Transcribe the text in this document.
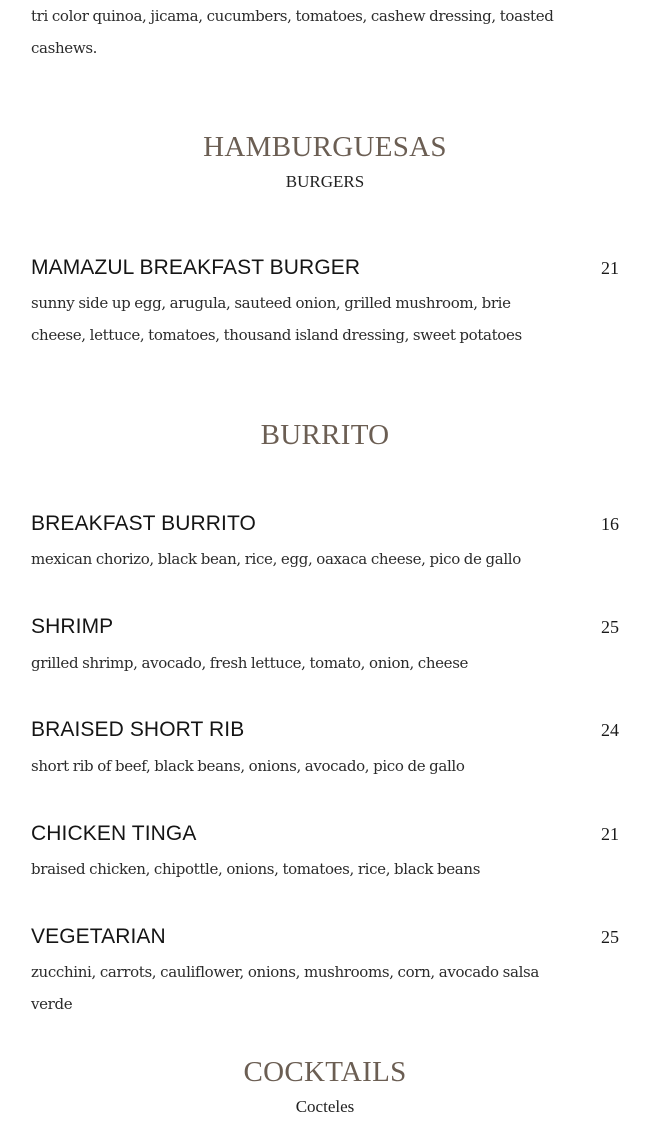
tri color quinoa, jicama, cucumbers, tomatoes, cashew dressing, toasted cashews.
HAMBURGUESAS
BURGERS
MAMAZUL BREAKFAST BURGER	21
sunny side up egg, arugula, sauteed onion, grilled mushroom, brie cheese, lettuce, tomatoes, thousand island dressing, sweet potatoes
BURRITO
BREAKFAST BURRITO	16
mexican chorizo, black bean, rice, egg, oaxaca cheese, pico de gallo
SHRIMP	25
grilled shrimp, avocado, fresh lettuce, tomato, onion, cheese
BRAISED SHORT RIB	24
short rib of beef, black beans, onions, avocado, pico de gallo
CHICKEN TINGA	21
braised chicken, chipottle, onions, tomatoes, rice, black beans
VEGETARIAN	25
zucchini, carrots, cauliflower, onions, mushrooms, corn, avocado salsa verde
COCKTAILS
Cocteles
